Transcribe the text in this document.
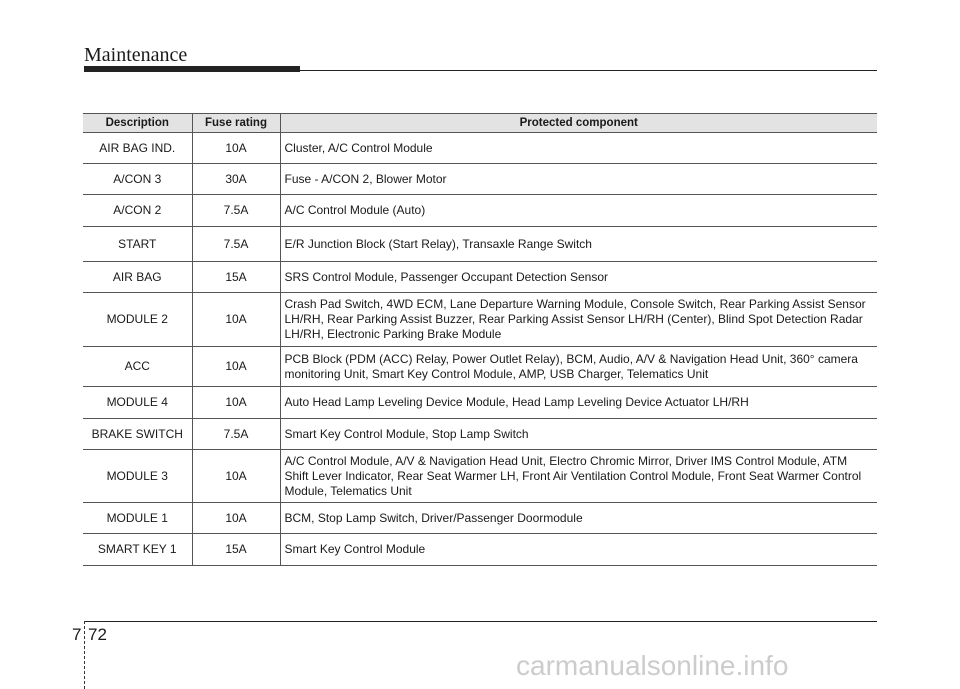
Maintenance
Description	Fuse rating	Protected component
AIR BAG IND.	10A	Cluster, A/C Control Module
A/CON 3	30A	Fuse - A/CON 2, Blower Motor
A/CON 2	7.5A	A/C Control Module (Auto)
START	7.5A	E/R Junction Block (Start Relay), Transaxle Range Switch
AIR BAG	15A	SRS Control Module, Passenger Occupant Detection Sensor
MODULE 2	10A	Crash Pad Switch, 4WD ECM, Lane Departure Warning Module, Console Switch, Rear Parking Assist Sensor LH/RH, Rear Parking Assist Buzzer, Rear Parking Assist Sensor LH/RH (Center), Blind Spot Detection Radar LH/RH, Electronic Parking Brake Module
ACC	10A	PCB Block (PDM (ACC) Relay, Power Outlet Relay), BCM, Audio, A/V & Navigation Head Unit, 360° camera monitoring Unit, Smart Key Control Module, AMP, USB Charger, Telematics Unit
MODULE 4	10A	Auto Head Lamp Leveling Device Module, Head Lamp Leveling Device Actuator LH/RH
BRAKE SWITCH	7.5A	Smart Key Control Module, Stop Lamp Switch
MODULE 3	10A	A/C Control Module, A/V & Navigation Head Unit, Electro Chromic Mirror, Driver IMS Control Module, ATM Shift Lever Indicator, Rear Seat Warmer LH, Front Air Ventilation Control Module, Front Seat Warmer Control Module, Telematics Unit
MODULE 1	10A	BCM, Stop Lamp Switch, Driver/Passenger Doormodule
SMART KEY 1	15A	Smart Key Control Module
7 72
carmanualsonline.info
